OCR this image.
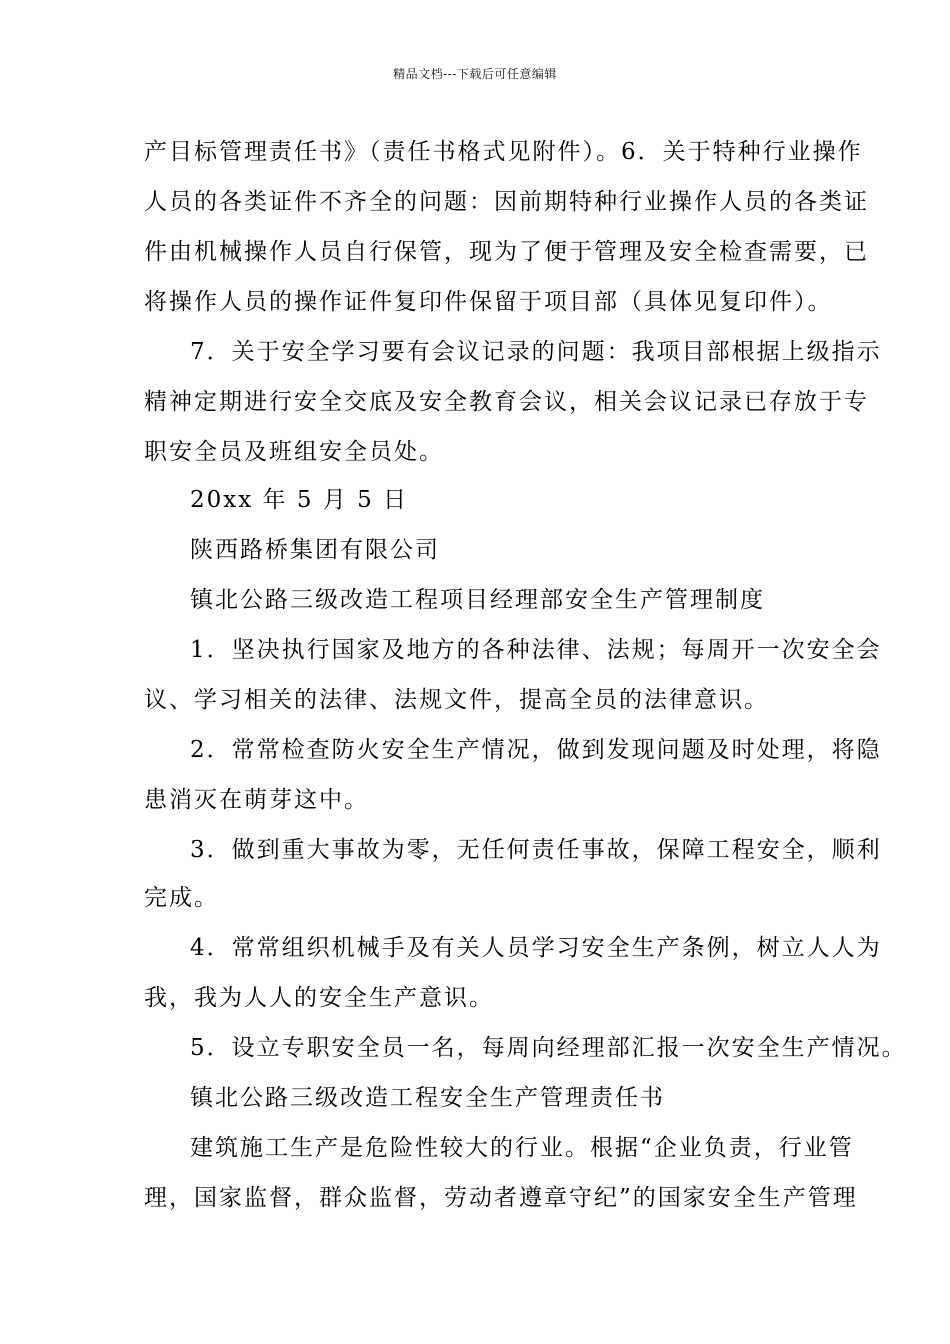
精品文档---下载后可任意编辑
产目标管理责任书》（责任书格式见附件）。6．关于特种行业操作
人员的各类证件不齐全的问题：因前期特种行业操作人员的各类证
件由机械操作人员自行保管，现为了便于管理及安全检查需要，已
将操作人员的操作证件复印件保留于项目部（具体见复印件）。
7．关于安全学习要有会议记录的问题：我项目部根据上级指示
精神定期进行安全交底及安全教育会议，相关会议记录已存放于专
职安全员及班组安全员处。
20xx 年 5 月 5 日
陕西路桥集团有限公司
镇北公路三级改造工程项目经理部安全生产管理制度
1．坚决执行国家及地方的各种法律、法规；每周开一次安全会
议、学习相关的法律、法规文件，提高全员的法律意识。
2．常常检查防火安全生产情况，做到发现问题及时处理，将隐
患消灭在萌芽这中。
3．做到重大事故为零，无任何责任事故，保障工程安全，顺利
完成。
4．常常组织机械手及有关人员学习安全生产条例，树立人人为
我，我为人人的安全生产意识。
5．设立专职安全员一名，每周向经理部汇报一次安全生产情况。
镇北公路三级改造工程安全生产管理责任书
建筑施工生产是危险性较大的行业。根据“企业负责，行业管
理，国家监督，群众监督，劳动者遵章守纪”的国家安全生产管理
